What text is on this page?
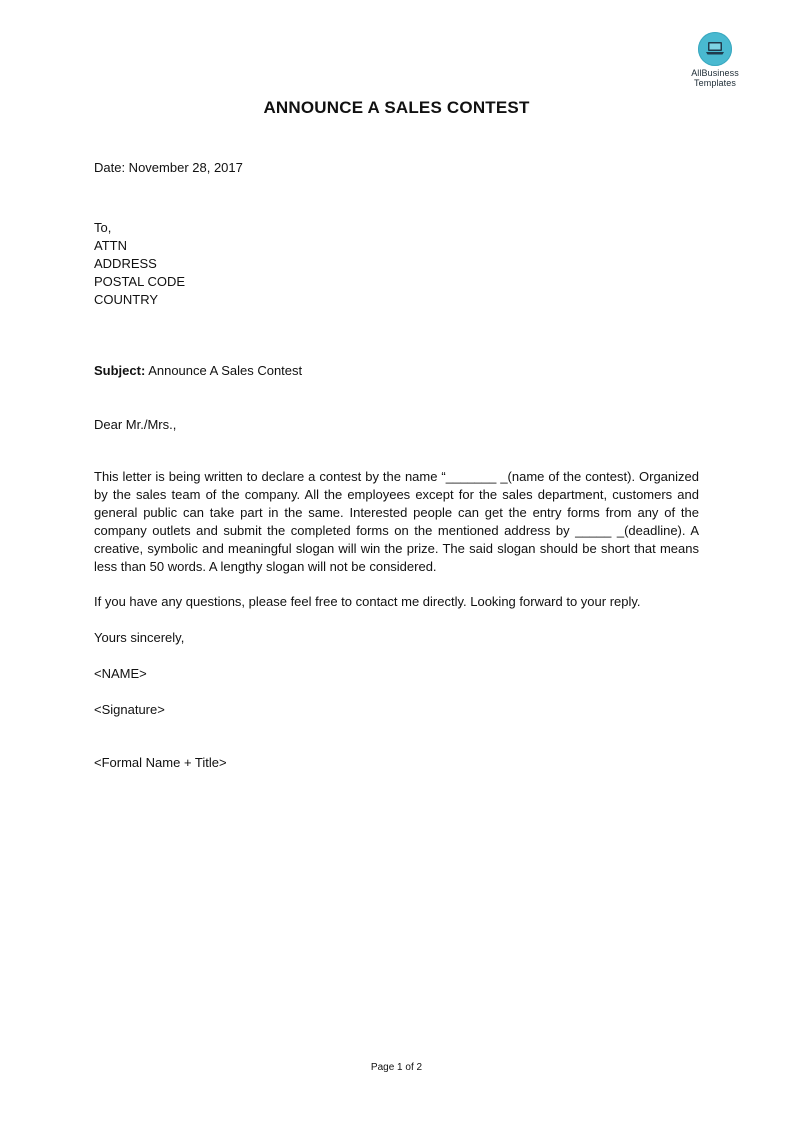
AllBusiness
Templates
ANNOUNCE A SALES CONTEST
Date: November 28, 2017
To,
ATTN
ADDRESS
POSTAL CODE
COUNTRY
Subject: Announce A Sales Contest
Dear Mr./Mrs.,
This letter is being written to declare a contest by the name “_______ _(name of the contest). Organized by the sales team of the company. All the employees except for the sales department, customers and general public can take part in the same. Interested people can get the entry forms from any of the company outlets and submit the completed forms on the mentioned address by _____ _(deadline). A creative, symbolic and meaningful slogan will win the prize. The said slogan should be short that means less than 50 words. A lengthy slogan will not be considered.
If you have any questions, please feel free to contact me directly. Looking forward to your reply.
Yours sincerely,
<NAME>
<Signature>
<Formal Name + Title>
Page 1 of 2
